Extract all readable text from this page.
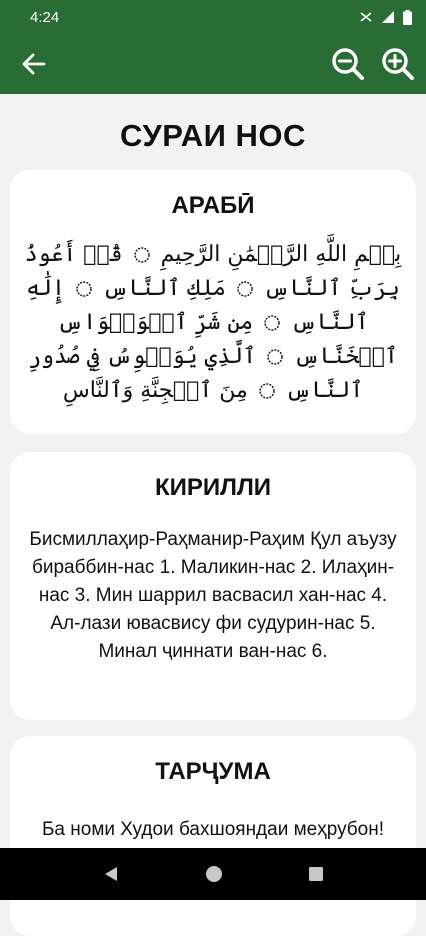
4:24
СУРАИ НОС
АРАБӢ
بِسۡمِ اللَّهِ الرَّحۡمَٰنِ الرَّحِيمِ  قُلۡ أَعُوذُ بِرَبِّ ٱلنَّاسِ  مَلِكِ ٱلنَّاسِ  إِلَٰهِ ٱلنَّاسِ  مِن شَرِّ ٱلۡوَسۡوَاسِ ٱلۡخَنَّاسِ  ٱلَّذِي يُوَسۡوِسُ فِي صُدُورِ ٱلنَّاسِ  مِنَ ٱلۡجِنَّةِ وَٱلنَّاسِ
КИРИЛЛИ

Бисмиллаҳир-Раҳманир-Раҳим Қул аъузу бираббин-нас 1. Маликин-нас 2. Илаҳин-нас 3. Мин шаррил васвасил хан-нас 4. Ал-лази ювасвису фи судурин-нас 5. Минал ҷиннати ван-нас 6.

ТАРҶУМА

Ба номи Худои бахшояндаи меҳрубон!
